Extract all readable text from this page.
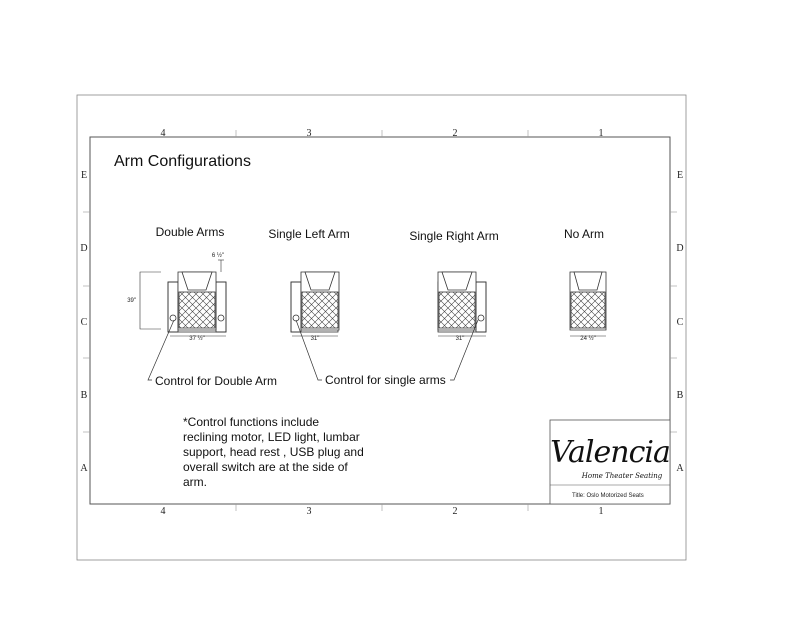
4	3	2	1
4	3	2	1
E
D
C
B
A
E
D
C
B
A
Arm Configurations
Double Arms	Single Left Arm	Single Right Arm	No Arm
39"
6 ½"
37 ½"	31"	31"	24 ½"
Control for Double Arm	Control for single arms
*Control functions include
reclining motor, LED light, lumbar
support, head rest , USB plug and
overall switch are at the side of
arm.
Valencia
Home Theater Seating
Title: Oslo Motorized Seats
